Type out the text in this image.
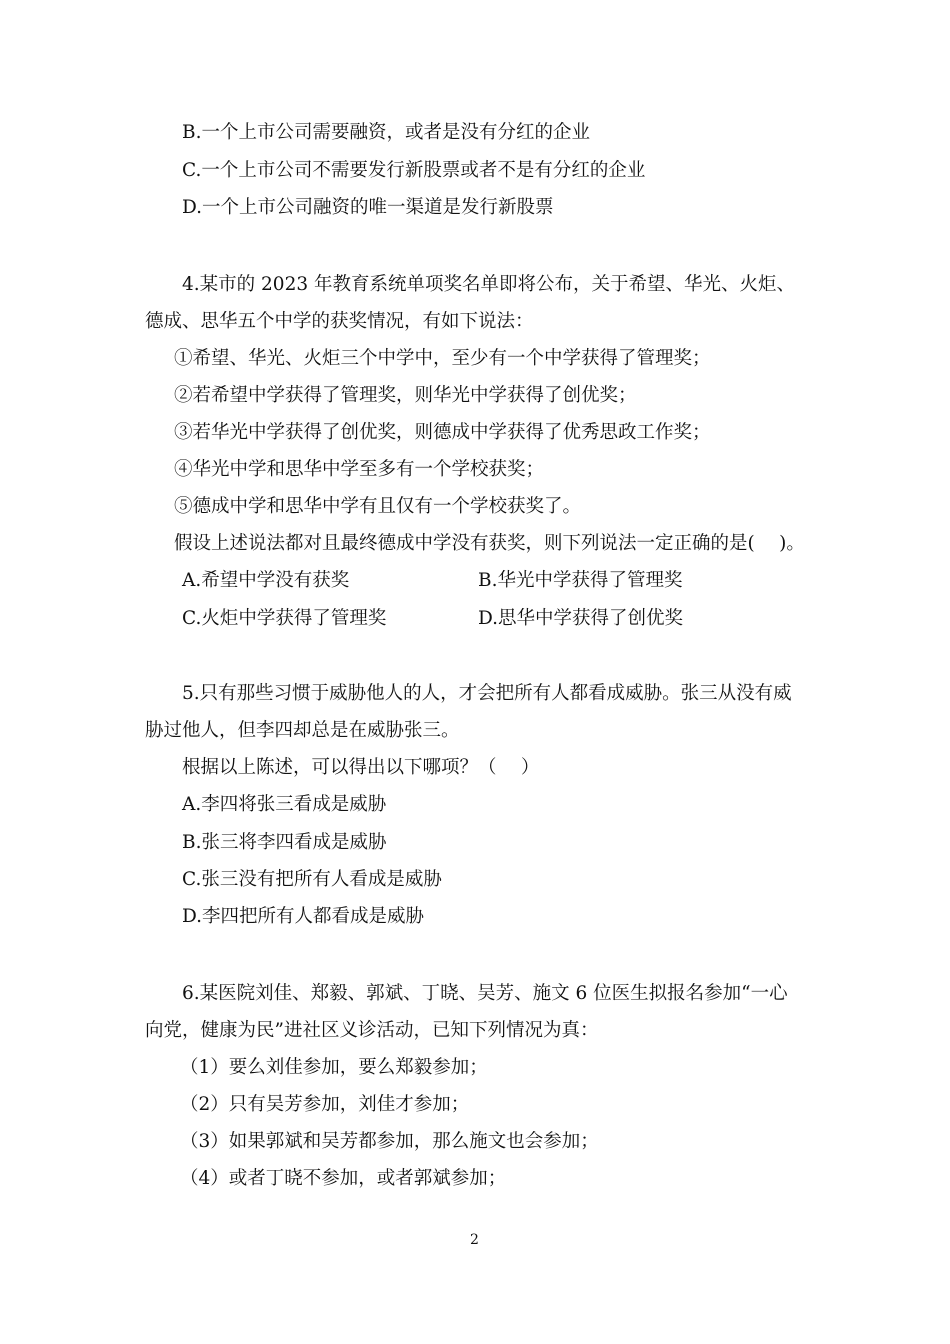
B.一个上市公司需要融资，或者是没有分红的企业
C.一个上市公司不需要发行新股票或者不是有分红的企业
D.一个上市公司融资的唯一渠道是发行新股票
4.某市的 2023 年教育系统单项奖名单即将公布，关于希望、华光、火炬、
德成、思华五个中学的获奖情况，有如下说法：
①希望、华光、火炬三个中学中，至少有一个中学获得了管理奖；
②若希望中学获得了管理奖，则华光中学获得了创优奖；
③若华光中学获得了创优奖，则德成中学获得了优秀思政工作奖；
④华光中学和思华中学至多有一个学校获奖；
⑤德成中学和思华中学有且仅有一个学校获奖了。
假设上述说法都对且最终德成中学没有获奖，则下列说法一定正确的是(　 )。
A.希望中学没有获奖	B.华光中学获得了管理奖
C.火炬中学获得了管理奖	D.思华中学获得了创优奖
5.只有那些习惯于威胁他人的人，才会把所有人都看成威胁。张三从没有威
胁过他人，但李四却总是在威胁张三。
根据以上陈述，可以得出以下哪项？（　 ）
A.李四将张三看成是威胁
B.张三将李四看成是威胁
C.张三没有把所有人看成是威胁
D.李四把所有人都看成是威胁
6.某医院刘佳、郑毅、郭斌、丁晓、吴芳、施文 6 位医生拟报名参加“一心
向党，健康为民”进社区义诊活动，已知下列情况为真：
（1）要么刘佳参加，要么郑毅参加；
（2）只有吴芳参加，刘佳才参加；
（3）如果郭斌和吴芳都参加，那么施文也会参加；
（4）或者丁晓不参加，或者郭斌参加；
2
